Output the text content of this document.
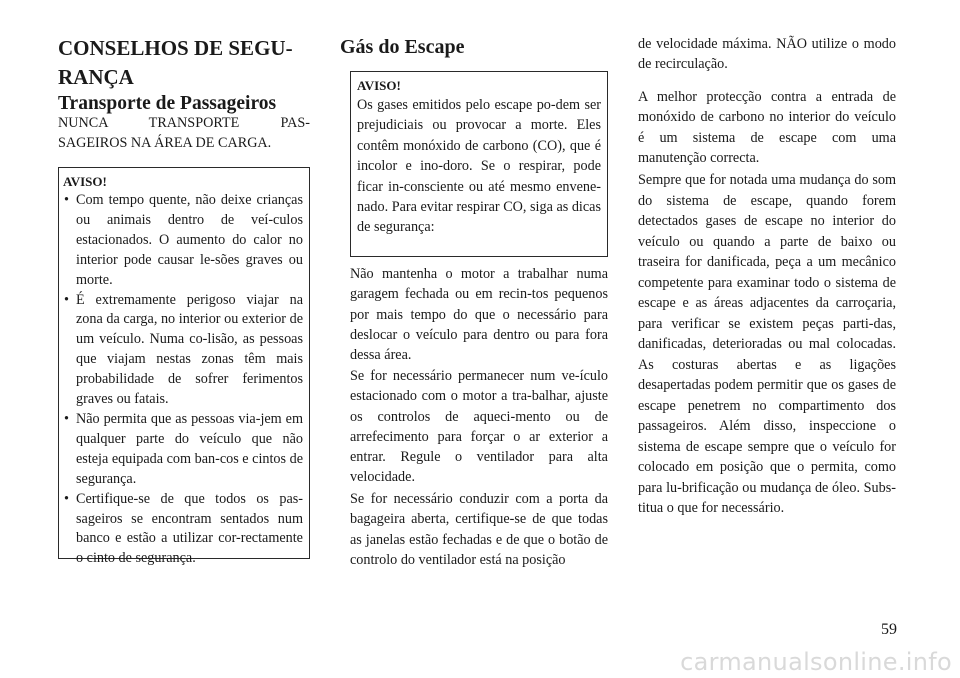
CONSELHOS DE SEGU-
RANÇA
Transporte de Passageiros

NUNCA TRANSPORTE PAS-
SAGEIROS NA ÁREA DE CARGA.

AVISO!

• Com tempo quente, não deixe crianças ou animais dentro de veí-culos estacionados. O aumento do calor no interior pode causar le-sões graves ou morte.
• É extremamente perigoso viajar na zona da carga, no interior ou exterior de um veículo. Numa co-lisão, as pessoas que viajam nestas zonas têm mais probabilidade de sofrer ferimentos graves ou fatais.
• Não permita que as pessoas via-jem em qualquer parte do veículo que não esteja equipada com ban-cos e cintos de segurança.
• Certifique-se de que todos os pas-sageiros se encontram sentados num banco e estão a utilizar cor-rectamente o cinto de segurança.
Gás do Escape

AVISO!

Os gases emitidos pelo escape po-dem ser prejudiciais ou provocar a morte. Eles contêm monóxido de carbono (CO), que é incolor e ino-doro. Se o respirar, pode ficar in-consciente ou até mesmo envene-nado. Para evitar respirar CO, siga as dicas de segurança:

Não mantenha o motor a trabalhar numa garagem fechada ou em recin-tos pequenos por mais tempo do que o necessário para deslocar o veículo para dentro ou para fora dessa área.

Se for necessário permanecer num ve-ículo estacionado com o motor a tra-balhar, ajuste os controlos de aqueci-mento ou de arrefecimento para forçar o ar exterior a entrar. Regule o ventilador para alta velocidade.

Se for necessário conduzir com a porta da bagageira aberta, certifique-se de que todas as janelas estão fechadas e de que o botão de controlo do ventilador está na posição

de velocidade máxima. NÃO utilize o modo de recirculação.

A melhor protecção contra a entrada de monóxido de carbono no interior do veículo é um sistema de escape com uma manutenção correcta.

Sempre que for notada uma mudança do som do sistema de escape, quando forem detectados gases de escape no interior do veículo ou quando a parte de baixo ou traseira for danificada, peça a um mecânico competente para examinar todo o sistema de escape e as áreas adjacentes da carroçaria, para verificar se existem peças parti-das, danificadas, deterioradas ou mal colocadas. As costuras abertas e as ligações desapertadas podem permitir que os gases de escape penetrem no compartimento dos passageiros. Além disso, inspeccione o sistema de escape sempre que o veículo for colocado em posição que o permita, como para lu-brificação ou mudança de óleo. Subs-titua o que for necessário.

59
carmanualsonline.info
